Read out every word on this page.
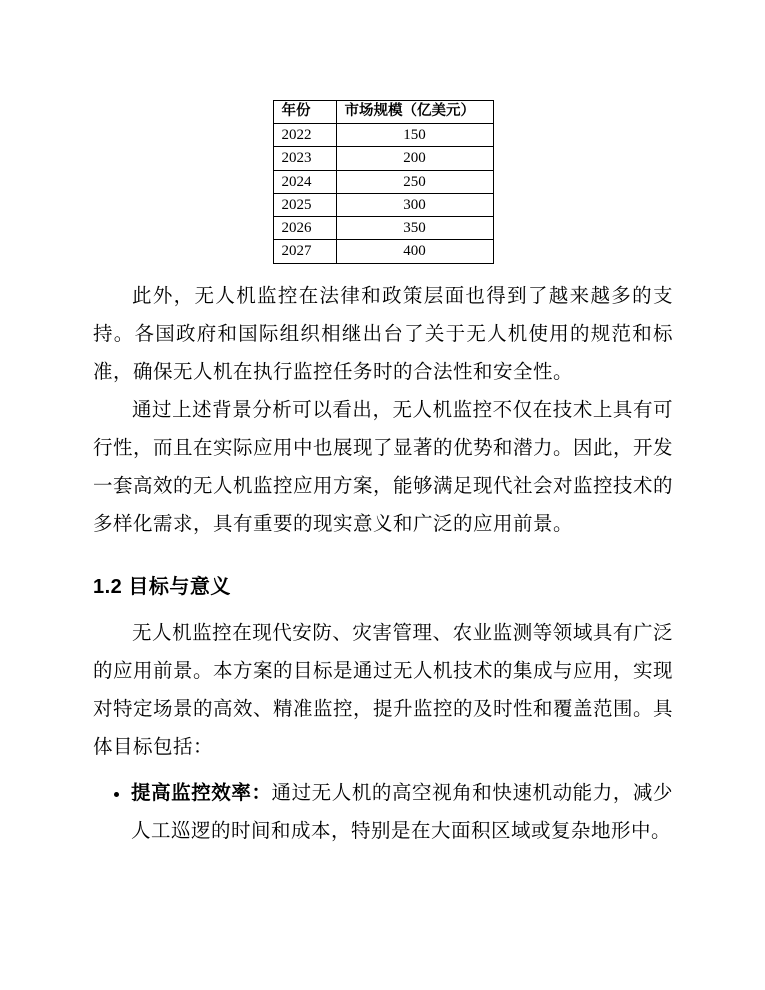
年份	市场规模（亿美元）
2022	150
2023	200
2024	250
2025	300
2026	350
2027	400

此外，无人机监控在法律和政策层面也得到了越来越多的支持。各国政府和国际组织相继出台了关于无人机使用的规范和标准，确保无人机在执行监控任务时的合法性和安全性。

通过上述背景分析可以看出，无人机监控不仅在技术上具有可行性，而且在实际应用中也展现了显著的优势和潜力。因此，开发一套高效的无人机监控应用方案，能够满足现代社会对监控技术的多样化需求，具有重要的现实意义和广泛的应用前景。

1.2 目标与意义

无人机监控在现代安防、灾害管理、农业监测等领域具有广泛的应用前景。本方案的目标是通过无人机技术的集成与应用，实现对特定场景的高效、精准监控，提升监控的及时性和覆盖范围。具体目标包括：

• 提高监控效率：通过无人机的高空视角和快速机动能力，减少人工巡逻的时间和成本，特别是在大面积区域或复杂地形中。
